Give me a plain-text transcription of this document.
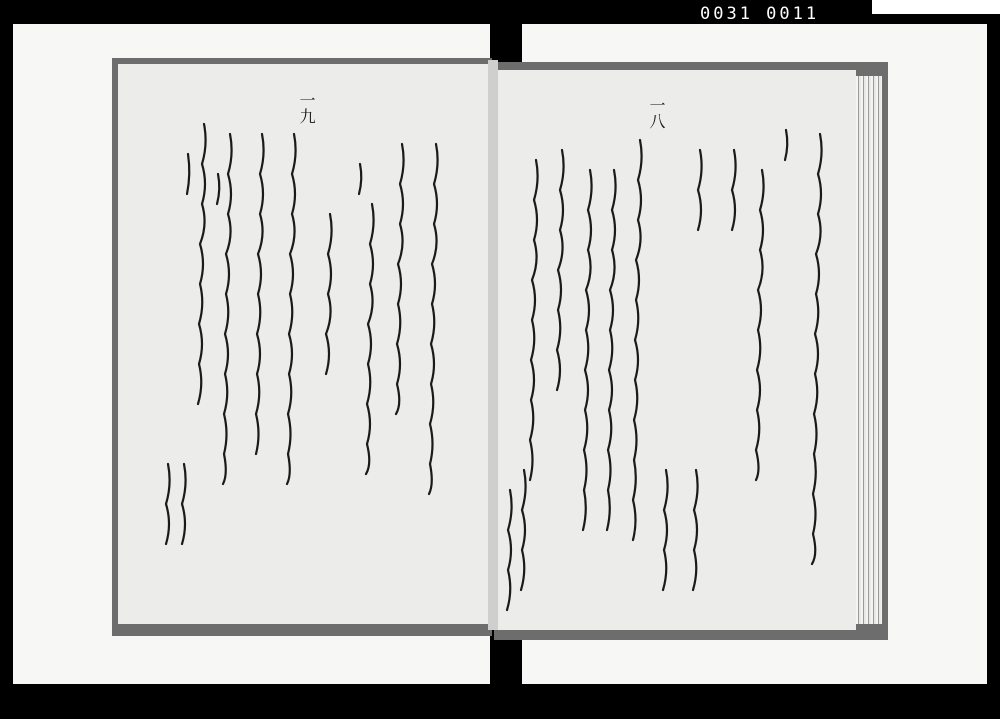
0031 0011
一九	一八
